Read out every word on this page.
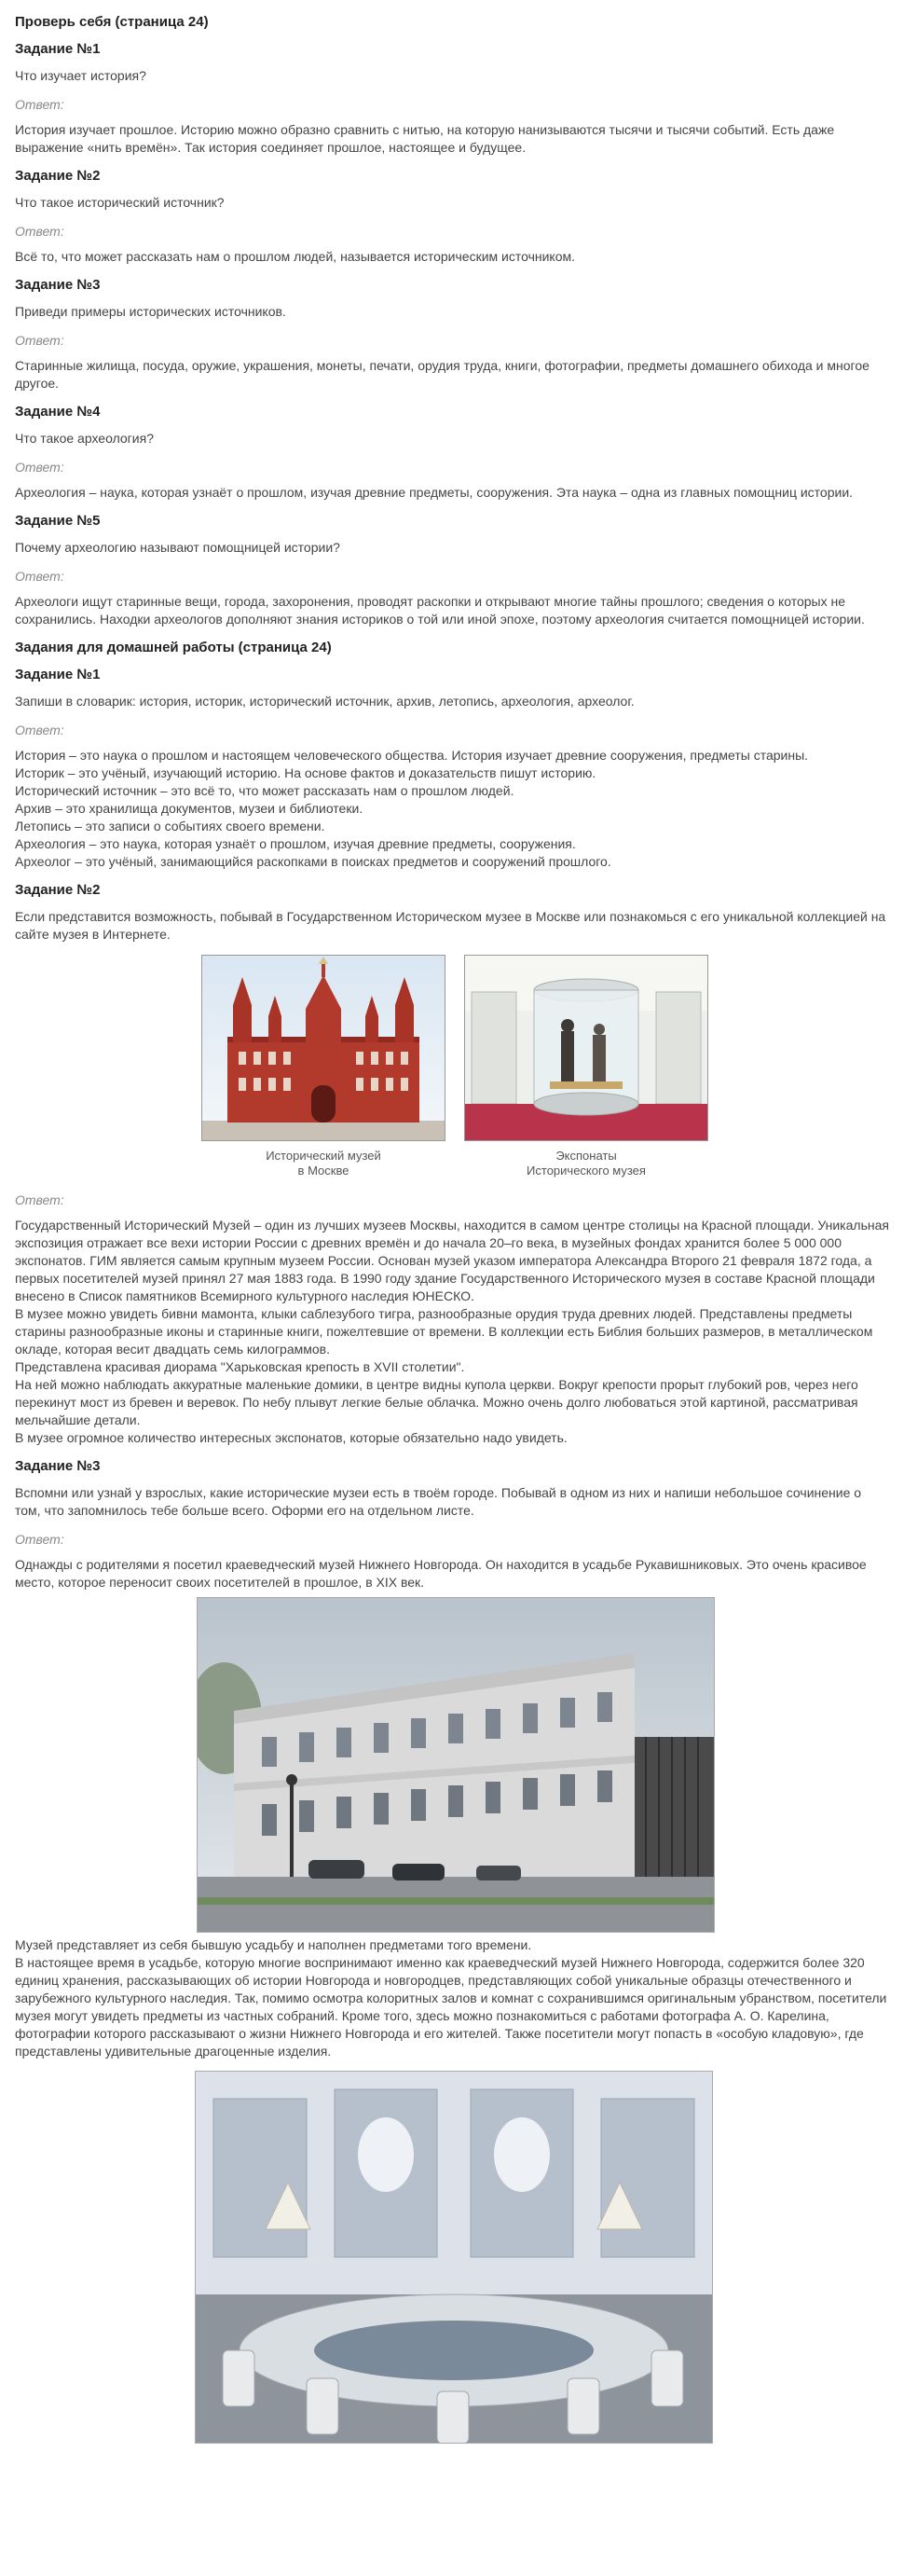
Проверь себя (страница 24)
Задание №1

Что изучает история?

Ответ:

История изучает прошлое. Историю можно образно сравнить с нитью, на которую нанизываются тысячи и тысячи событий. Есть даже выражение «нить времён». Так история соединяет прошлое, настоящее и будущее.
Задание №2

Что такое исторический источник?

Ответ:

Всё то, что может рассказать нам о прошлом людей, называется историческим источником.
Задание №3

Приведи примеры исторических источников.

Ответ:

Старинные жилища, посуда, оружие, украшения, монеты, печати, орудия труда, книги, фотографии, предметы домашнего обихода и многое другое.
Задание №4

Что такое археология?

Ответ:

Археология – наука, которая узнаёт о прошлом, изучая древние предметы, сооружения. Эта наука – одна из главных помощниц истории.
Задание №5

Почему археологию называют помощницей истории?

Ответ:

Археологи ищут старинные вещи, города, захоронения, проводят раскопки и открывают многие тайны прошлого; сведения о которых не сохранились. Находки археологов дополняют знания историков о той или иной эпохе, поэтому археология считается помощницей истории.
Задания для домашней работы (страница 24)
Задание №1

Запиши в словарик: история, историк, исторический источник, архив, летопись, археология, археолог.

Ответ:

История – это наука о прошлом и настоящем человеческого общества. История изучает древние сооружения, предметы старины.
Историк – это учёный, изучающий историю. На основе фактов и доказательств пишут историю.
Исторический источник – это всё то, что может рассказать нам о прошлом людей.
Архив – это хранилища документов, музеи и библиотеки.
Летопись – это записи о событиях своего времени.
Археология – это наука, которая узнаёт о прошлом, изучая древние предметы, сооружения.
Археолог – это учёный, занимающийся раскопками в поисках предметов и сооружений прошлого.
Задание №2

Если представится возможность, побывай в Государственном Историческом музее в Москве или познакомься с его уникальной коллекцией на сайте музея в Интернете.

Исторический музей
в Москве
Экспонаты
Исторического музея

Ответ:

Государственный Исторический Музей – один из лучших музеев Москвы, находится в самом центре столицы на Красной площади. Уникальная экспозиция отражает все вехи истории России с древних времён и до начала 20–го века, в музейных фондах хранится более 5 000 000 экспонатов. ГИМ является самым крупным музеем России. Основан музей указом императора Александра Второго 21 февраля 1872 года, а первых посетителей музей принял 27 мая 1883 года. В 1990 году здание Государственного Исторического музея в составе Красной площади внесено в Список памятников Всемирного культурного наследия ЮНЕСКО.
В музее можно увидеть бивни мамонта, клыки саблезубого тигра, разнообразные орудия труда древних людей. Представлены предметы старины разнообразные иконы и старинные книги, пожелтевшие от времени. В коллекции есть Библия больших размеров, в металлическом окладе, которая весит двадцать семь килограммов.
Представлена красивая диорама "Харьковская крепость в XVII столетии".
На ней можно наблюдать аккуратные маленькие домики, в центре видны купола церкви. Вокруг крепости прорыт глубокий ров, через него перекинут мост из бревен и веревок. По небу плывут легкие белые облачка. Можно очень долго любоваться этой картиной, рассматривая мельчайшие детали.
В музее огромное количество интересных экспонатов, которые обязательно надо увидеть.
Задание №3

Вспомни или узнай у взрослых, какие исторические музеи есть в твоём городе. Побывай в одном из них и напиши небольшое сочинение о том, что запомнилось тебе больше всего. Оформи его на отдельном листе.

Ответ:

Однажды с родителями я посетил краеведческий музей Нижнего Новгорода. Он находится в усадьбе Рукавишниковых. Это очень красивое место, которое переносит своих посетителей в прошлое, в XIX век.
Музей представляет из себя бывшую усадьбу и наполнен предметами того времени.
В настоящее время в усадьбе, которую многие воспринимают именно как краеведческий музей Нижнего Новгорода, содержится более 320 единиц хранения, рассказывающих об истории Новгорода и новгородцев, представляющих собой уникальные образцы отечественного и зарубежного культурного наследия. Так, помимо осмотра колоритных залов и комнат с сохранившимся оригинальным убранством, посетители музея могут увидеть предметы из частных собраний. Кроме того, здесь можно познакомиться с работами фотографа А. О. Карелина, фотографии которого рассказывают о жизни Нижнего Новгорода и его жителей. Также посетители могут попасть в «особую кладовую», где представлены удивительные драгоценные изделия.
